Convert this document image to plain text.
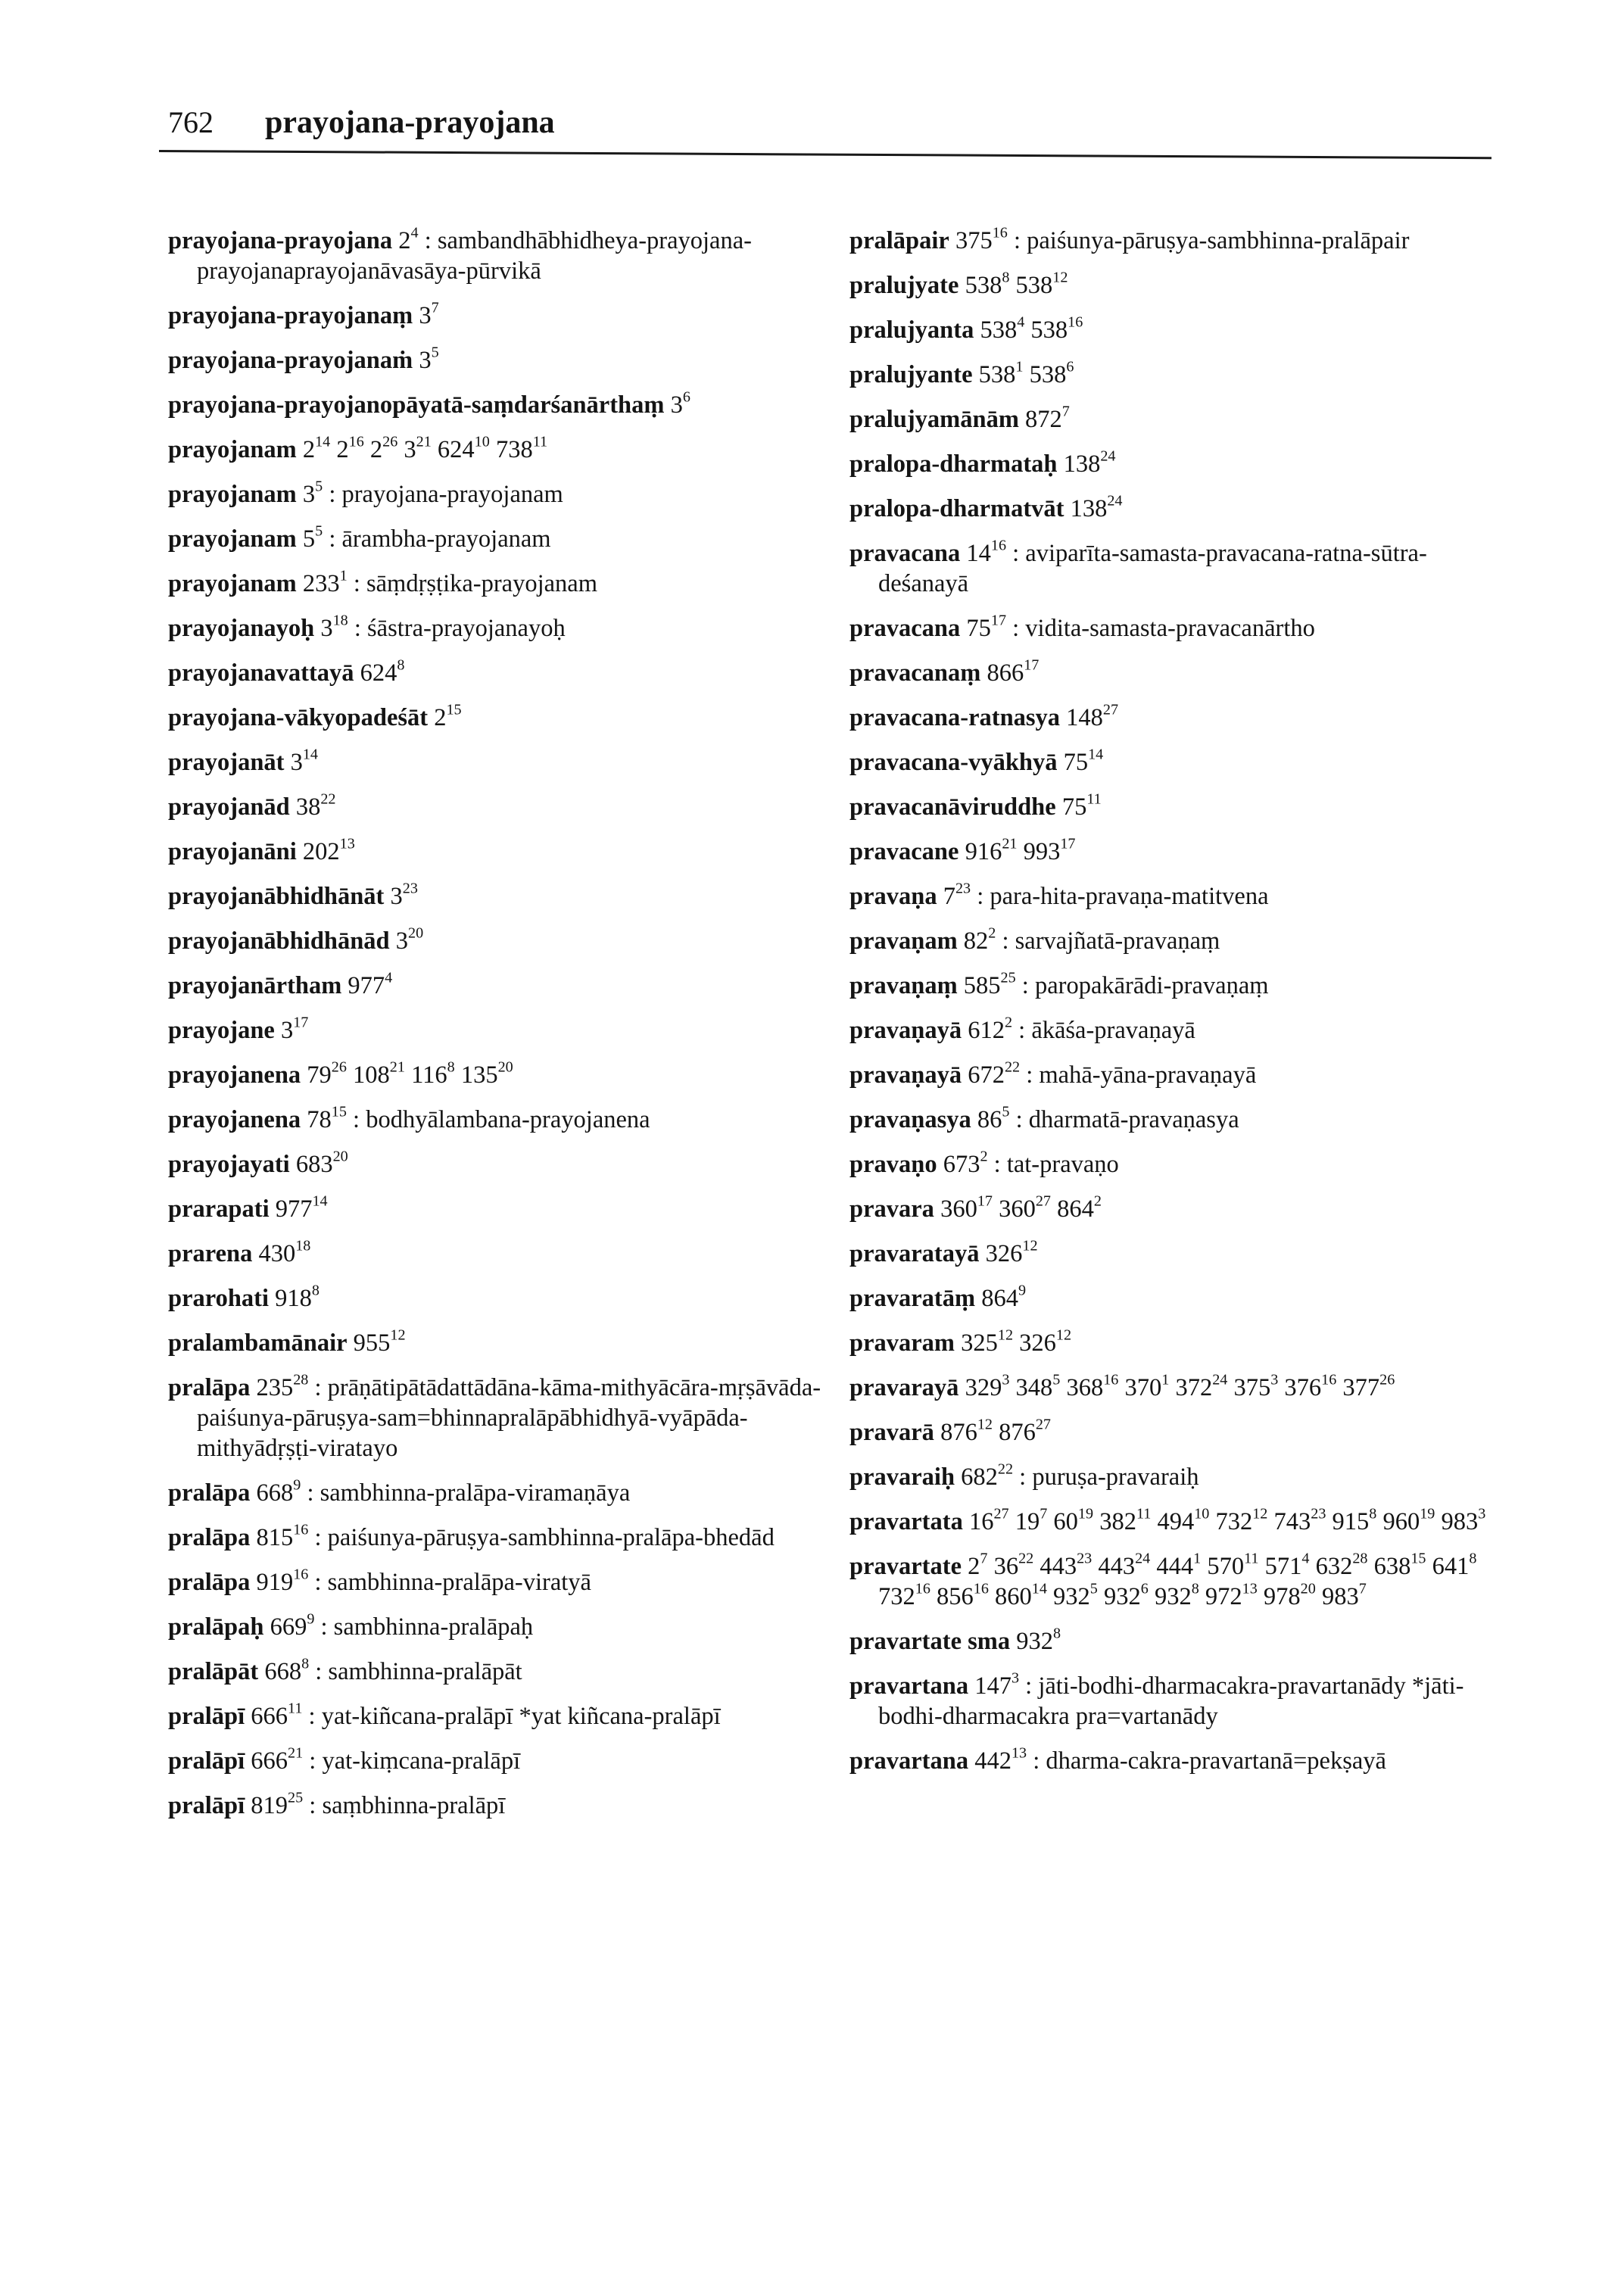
762 prayojana-prayojana
prayojana-prayojana $2^4$ : sambandhābhidheya-prayojana-prayojanaprayojanāvasāya-pūrvikā
prayojana-prayojanaṃ $3^7$
prayojana-prayojanaṁ $3^5$
prayojana-prayojanopāyatā-saṃdarśanārthaṃ $3^6$
prayojanam $2^{14}$ $2^{16}$ $2^{26}$ $3^{21}$ $624^{10}$ $738^{11}$
prayojanam $3^5$ : prayojana-prayojanam
prayojanam $5^5$ : ārambha-prayojanam
prayojanam $233^1$ : sāṃdṛṣṭika-prayojanam
prayojanayoḥ $3^{18}$ : śāstra-prayojanayoḥ
prayojanavattayā $624^8$
prayojana-vākyopadeśāt $2^{15}$
prayojanāt $3^{14}$
prayojanād $38^{22}$
prayojanāni $202^{13}$
prayojanābhidhānāt $3^{23}$
prayojanābhidhānād $3^{20}$
prayojanārtham $977^4$
prayojane $3^{17}$
prayojanena $79^{26}$ $108^{21}$ $116^8$ $135^{20}$
prayojanena $78^{15}$ : bodhyālambana-prayojanena
prayojayati $683^{20}$
prarapati $977^{14}$
prarena $430^{18}$
prarohati $918^8$
pralambamānair $955^{12}$
pralāpa $235^{28}$ : prāṇātipātādattādāna-kāma-mithyācāra-mṛṣāvāda-paiśunya-pāruṣya-sam=bhinnapralāpābhidhyā-vyāpāda-mithyādṛṣṭi-viratayo
pralāpa $668^9$ : sambhinna-pralāpa-viramaṇāya
pralāpa $815^{16}$ : paiśunya-pāruṣya-sambhinna-pralāpa-bhedād
pralāpa $919^{16}$ : sambhinna-pralāpa-viratyā
pralāpaḥ $669^9$ : sambhinna-pralāpaḥ
pralāpāt $668^8$ : sambhinna-pralāpāt
pralāpī $666^{11}$ : yat-kiñcana-pralāpī *yat kiñcana-pralāpī
pralāpī $666^{21}$ : yat-kiṃcana-pralāpī
pralāpī $819^{25}$ : saṃbhinna-pralāpī
pralāpair $375^{16}$ : paiśunya-pāruṣya-sambhinna-pralāpair
pralujyate $538^8$ $538^{12}$
pralujyanta $538^4$ $538^{16}$
pralujyante $538^1$ $538^6$
pralujyamānām $872^7$
pralopa-dharmataḥ $138^{24}$
pralopa-dharmatvāt $138^{24}$
pravacana $14^{16}$ : aviparīta-samasta-pravacana-ratna-sūtra-deśanayā
pravacana $75^{17}$ : vidita-samasta-pravacanārtho
pravacanaṃ $866^{17}$
pravacana-ratnasya $148^{27}$
pravacana-vyākhyā $75^{14}$
pravacanāviruddhe $75^{11}$
pravacane $916^{21}$ $993^{17}$
pravaṇa $7^{23}$ : para-hita-pravaṇa-matitvena
pravaṇam $82^2$ : sarvajñatā-pravaṇaṃ
pravaṇaṃ $585^{25}$ : paropakārādi-pravaṇaṃ
pravaṇayā $612^2$ : ākāśa-pravaṇayā
pravaṇayā $672^{22}$ : mahā-yāna-pravaṇayā
pravaṇasya $86^5$ : dharmatā-pravaṇasya
pravaṇo $673^2$ : tat-pravaṇo
pravara $360^{17}$ $360^{27}$ $864^2$
pravaratayā $326^{12}$
pravaratāṃ $864^9$
pravaram $325^{12}$ $326^{12}$
pravarayā $329^3$ $348^5$ $368^{16}$ $370^1$ $372^{24}$ $375^3$ $376^{16}$ $377^{26}$
pravarā $876^{12}$ $876^{27}$
pravaraiḥ $682^{22}$ : puruṣa-pravaraiḥ
pravartata $16^{27}$ $19^7$ $60^{19}$ $382^{11}$ $494^{10}$ $732^{12}$ $743^{23}$ $915^8$ $960^{19}$ $983^3$
pravartate $2^7$ $36^{22}$ $443^{23}$ $443^{24}$ $444^1$ $570^{11}$ $571^4$ $632^{28}$ $638^{15}$ $641^8$ $732^{16}$ $856^{16}$ $860^{14}$ $932^5$ $932^6$ $932^8$ $972^{13}$ $978^{20}$ $983^7$
pravartate sma $932^8$
pravartana $147^3$ : jāti-bodhi-dharmacakra-pravartanādy *jāti-bodhi-dharmacakra pra=vartanādy
pravartana $442^{13}$ : dharma-cakra-pravartanā=pekṣayā
